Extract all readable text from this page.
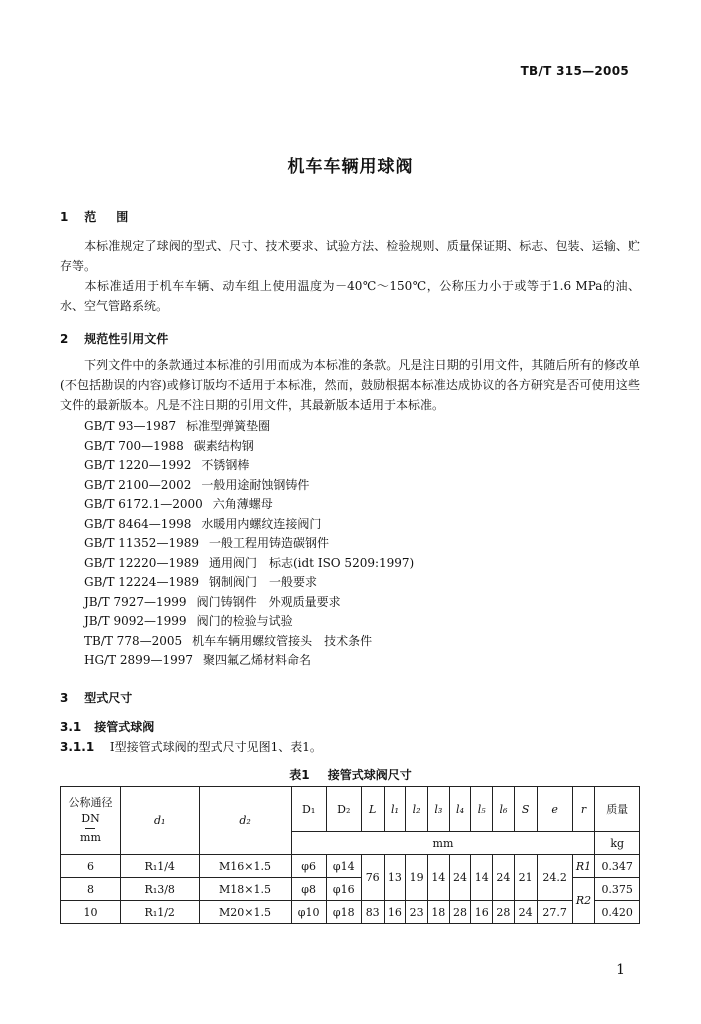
TB/T 315—2005
机车车辆用球阀
1 范围
本标准规定了球阀的型式、尺寸、技术要求、试验方法、检验规则、质量保证期、标志、包装、运输、贮存等。
本标准适用于机车车辆、动车组上使用温度为－40℃～150℃，公称压力小于或等于1.6 MPa的油、水、空气管路系统。
2 规范性引用文件
下列文件中的条款通过本标准的引用而成为本标准的条款。凡是注日期的引用文件，其随后所有的修改单(不包括勘误的内容)或修订版均不适用于本标准，然而，鼓励根据本标准达成协议的各方研究是否可使用这些文件的最新版本。凡是不注日期的引用文件，其最新版本适用于本标准。
GB/T 93—1987 标准型弹簧垫圈
GB/T 700—1988 碳素结构钢
GB/T 1220—1992 不锈钢棒
GB/T 2100—2002 一般用途耐蚀钢铸件
GB/T 6172.1—2000 六角薄螺母
GB/T 8464—1998 水暖用内螺纹连接阀门
GB/T 11352—1989 一般工程用铸造碳钢件
GB/T 12220—1989 通用阀门　标志(idt ISO 5209:1997)
GB/T 12224—1989 钢制阀门　一般要求
JB/T 7927—1999 阀门铸钢件　外观质量要求
JB/T 9092—1999 阀门的检验与试验
TB/T 778—2005 机车车辆用螺纹管接头　技术条件
HG/T 2899—1997 聚四氟乙烯材料命名
3 型式尺寸
3.1 接管式球阀
3.1.1 Ⅰ型接管式球阀的型式尺寸见图1、表1。
表1 接管式球阀尺寸
公称通径
DN
mm	d₁	d₂	D₁	D₂	L	l₁	l₂	l₃	l₄	l₅	l₆	S	e	r	质量
			mm												kg
6	R₁1/4	M16×1.5	φ6	φ14	76	13	19	14	24	14	24	21	24.2	R1	0.347
8	R₁3/8	M18×1.5	φ8	φ16										R2	0.375
10	R₁1/2	M20×1.5	φ10	φ18	83	16	23	18	28	16	28	24	27.7		0.420
1
